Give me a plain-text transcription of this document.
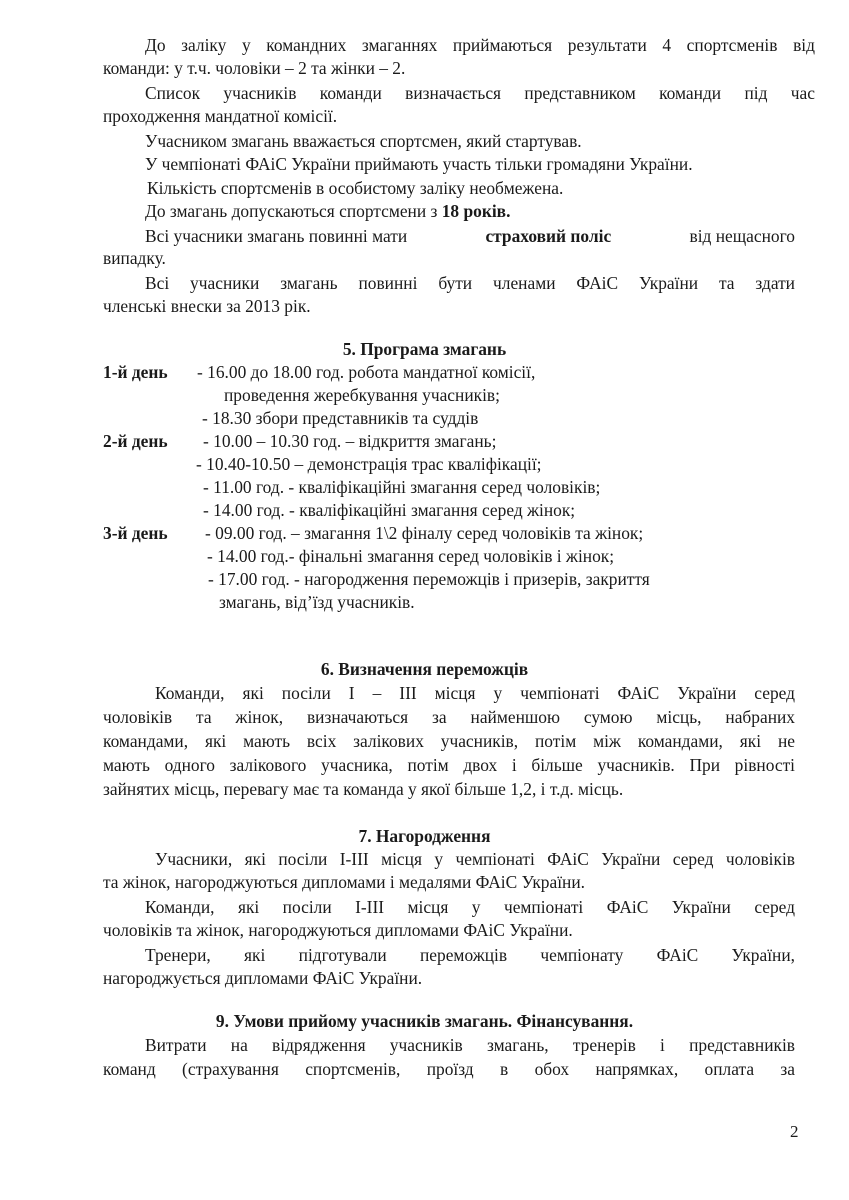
До заліку у командних змаганнях приймаються результати 4 спортсменів від
команди: у т.ч. чоловіки – 2 та жінки – 2.
Список учасників команди визначається представником команди під час
проходження мандатної комісії.
Учасником змагань вважається спортсмен, який стартував.
У чемпіонаті ФАіС України приймають участь тільки громадяни України.
Кількість спортсменів в особистому заліку необмежена.
До змагань допускаються спортсмени з 18 років.
Всі учасники змагань повинні мати	страховий поліс	від нещасного
випадку.
Всі учасники змагань повинні бути членами ФАіС України та здати
членські внески за 2013 рік.
5. Програма змагань
1-й день	- 16.00 до 18.00 год. робота мандатної комісії,
проведення жеребкування учасників;
- 18.30 збори представників та суддів
2-й день	- 10.00 – 10.30 год. – відкриття змагань;
- 10.40-10.50 – демонстрація трас кваліфікації;
- 11.00 год. - кваліфікаційні змагання серед чоловіків;
- 14.00 год. - кваліфікаційні змагання серед жінок;
3-й день	- 09.00 год. – змагання 1\2 фіналу серед чоловіків та жінок;
- 14.00 год.- фінальні змагання серед чоловіків і жінок;
- 17.00 год. - нагородження переможців і призерів, закриття
змагань, від’їзд учасників.
6. Визначення переможців
Команди, які посіли І – ІІІ місця у чемпіонаті ФАіС України серед
чоловіків та жінок, визначаються за найменшою сумою місць, набраних
командами, які мають всіх залікових учасників, потім між командами, які не
мають одного залікового учасника, потім двох і більше учасників. При рівності
зайнятих місць, перевагу має та команда у якої більше 1,2, і т.д. місць.
7. Нагородження
Учасники, які посіли І-ІІІ місця у чемпіонаті ФАіС України серед чоловіків
та жінок, нагороджуються дипломами і медалями ФАіС України.
Команди, які посіли І-ІІІ місця у чемпіонаті ФАіС України серед
чоловіків та жінок, нагороджуються дипломами ФАіС України.
Тренери, які підготували переможців чемпіонату ФАіС України,
нагороджується дипломами ФАіС України.
9. Умови прийому учасників змагань. Фінансування.
Витрати на відрядження учасників змагань, тренерів і представників
команд (страхування спортсменів, проїзд в обох напрямках, оплата за
2
